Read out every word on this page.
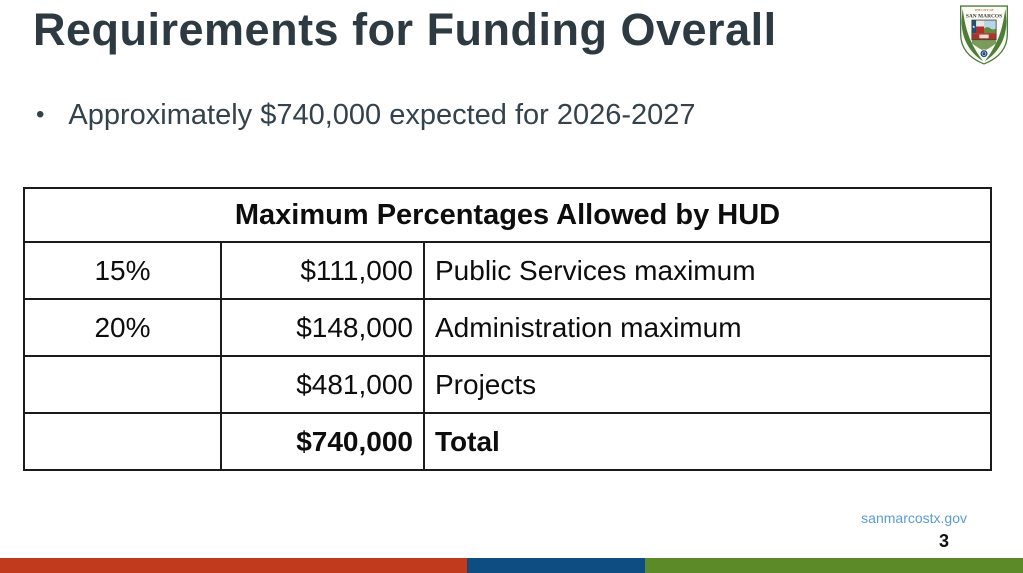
Requirements for Funding Overall	THE CITY OF
SAN MARCOS
• Approximately $740,000 expected for 2026-2027
Maximum Percentages Allowed by HUD		
15%	$111,000	Public Services maximum
20%	$148,000	Administration maximum
	$481,000	Projects
	$740,000	Total
sanmarcostx.gov
3
